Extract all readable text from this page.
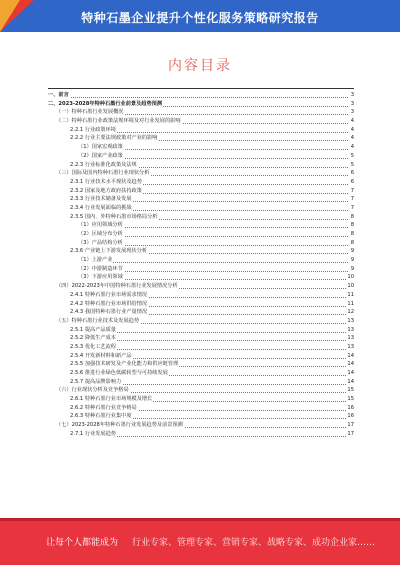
特种石墨企业提升个性化服务策略研究报告
内容目录
一、前言	3
二、2023-2028年特种石墨行业前景及趋势预测	3
（一）特种石墨行业发展概况	3
（二）特种石墨行业政策法规环境及对行业发展的影响	4
2.2.1 行业政策环境	4
2.2.2 行业主要法规政策对产业的影响	4
（1）国家宏观政策	4
（2）国家产业政策	5
2.2.3 行业标准化政策及法规	5
（三）国际及国内特种石墨行业现状分析	6
2.3.1 行业技术水平现状及趋势	6
2.3.2 国家及地方政府扶持政策	7
2.3.3 行业技术储备及发展	7
2.3.4 行业发展面临的挑战	7
2.3.5 国内、外特种石墨市场格局分析	8
（1）应用领域分析	8
（2）区域分布分析	8
（3）产品结构分析	8
2.3.6 产业链上下游发展现状分析	9
（1）上游产业	9
（2）中游制造环节	9
（3）下游应用领域	10
（四）2022-2023年中国特种石墨行业发展情况分析	10
2.4.1 特种石墨行业市场需求情况	11
2.4.2 特种石墨行业市场供给情况	11
2.4.3 我国特种石墨行业产量情况	12
（五）特种石墨行业技术及发展趋势	13
2.5.1 提高产品质量	13
2.5.2 降低生产成本	13
2.5.3 优化工艺流程	13
2.5.4 开发新材料和新产品	14
2.5.5 加强技术研发及产业化能力和供应链管理	14
2.5.6 推进行业绿色低碳转型与可持续发展	14
2.5.7 提高品牌影响力	14
（六）行业现状分析及竞争格局	15
2.6.1 特种石墨行业市场规模及增长	15
2.6.2 特种石墨行业竞争格局	16
2.6.3 特种石墨行业集中度	16
（七）2023-2028年特种石墨行业发展趋势及前景预测	17
2.7.1 行业发展趋势	17
让每个人都能成为 行业专家、管理专家、营销专家、战略专家、成功企业家……
